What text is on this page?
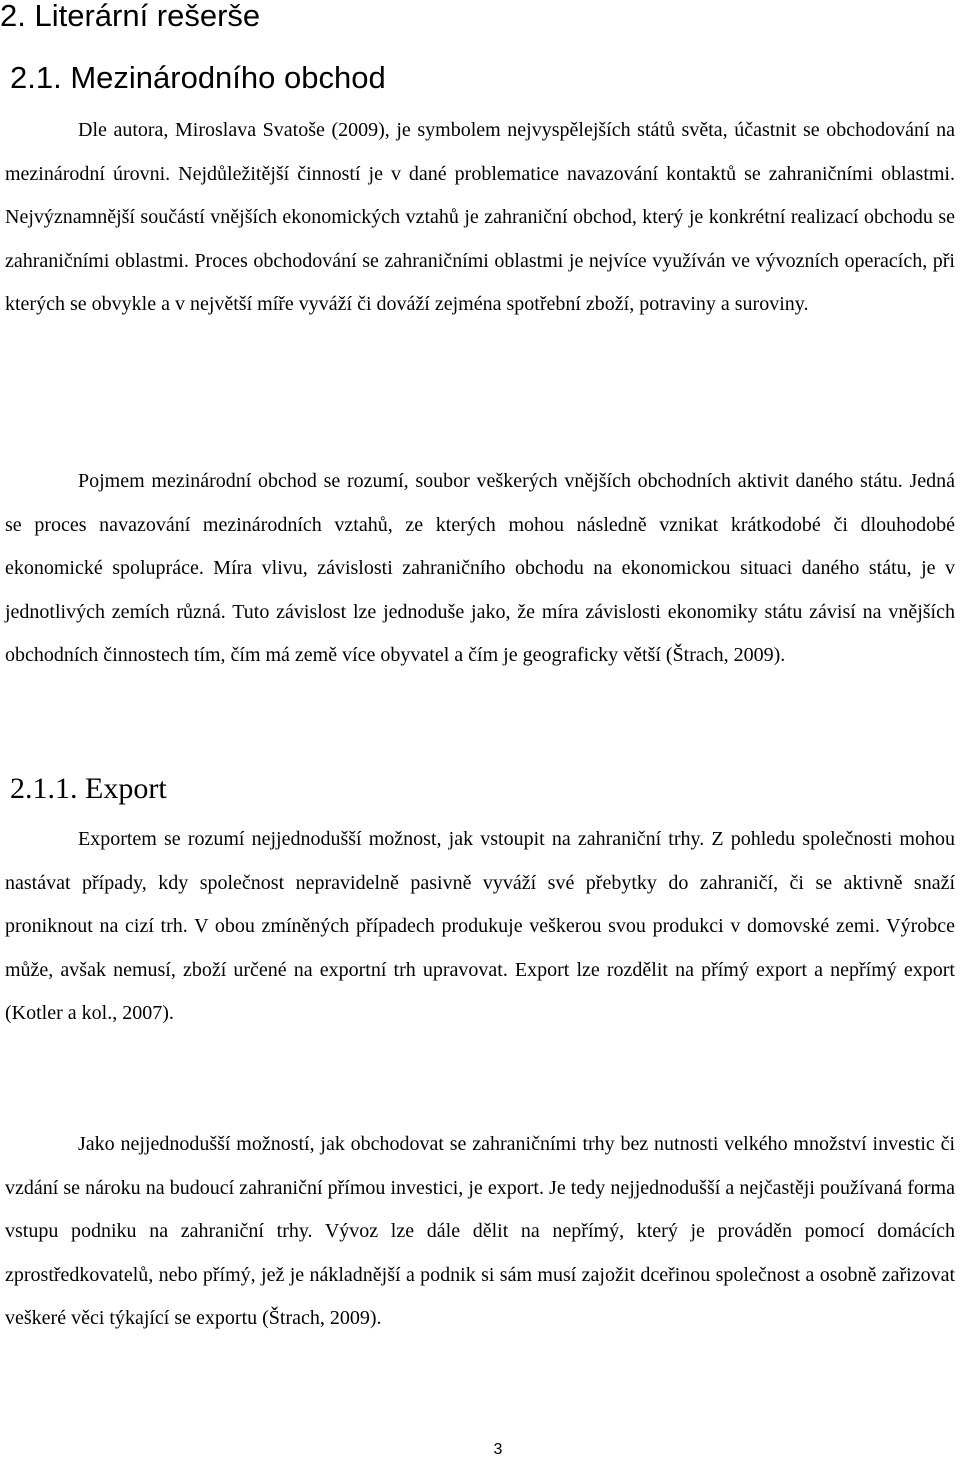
2. Literární rešerše
2.1. Mezinárodního obchod

Dle autora, Miroslava Svatoše (2009), je symbolem nejvyspělejších států světa, účastnit se obchodování na mezinárodní úrovni. Nejdůležitější činností je v dané problematice navazování kontaktů se zahraničními oblastmi. Nejvýznamnější součástí vnějších ekonomických vztahů je zahraniční obchod, který je konkrétní realizací obchodu se zahraničními oblastmi. Proces obchodování se zahraničními oblastmi je nejvíce využíván ve vývozních operacích, při kterých se obvykle a v největší míře vyváží či dováží zejména spotřební zboží, potraviny a suroviny.

Pojmem mezinárodní obchod se rozumí, soubor veškerých vnějších obchodních aktivit daného státu. Jedná se proces navazování mezinárodních vztahů, ze kterých mohou následně vznikat krátkodobé či dlouhodobé ekonomické spolupráce. Míra vlivu, závislosti zahraničního obchodu na ekonomickou situaci daného státu, je v jednotlivých zemích různá. Tuto závislost lze jednoduše jako, že míra závislosti ekonomiky státu závisí na vnějších obchodních činnostech tím, čím má země více obyvatel a čím je geograficky větší (Štrach, 2009).

2.1.1. Export

Exportem se rozumí nejjednodušší možnost, jak vstoupit na zahraniční trhy. Z pohledu společnosti mohou nastávat případy, kdy společnost nepravidelně pasivně vyváží své přebytky do zahraničí, či se aktivně snaží proniknout na cizí trh. V obou zmíněných případech produkuje veškerou svou produkci v domovské zemi. Výrobce může, avšak nemusí, zboží určené na exportní trh upravovat. Export lze rozdělit na přímý export a nepřímý export (Kotler a kol., 2007).

Jako nejjednodušší možností, jak obchodovat se zahraničními trhy bez nutnosti velkého množství investic či vzdání se nároku na budoucí zahraniční přímou investici, je export. Je tedy nejjednodušší a nejčastěji používaná forma vstupu podniku na zahraniční trhy. Vývoz lze dále dělit na nepřímý, který je prováděn pomocí domácích zprostředkovatelů, nebo přímý, jež je nákladnější a podnik si sám musí zajožit dceřinou společnost a osobně zařizovat veškeré věci týkající se exportu (Štrach, 2009).

3
